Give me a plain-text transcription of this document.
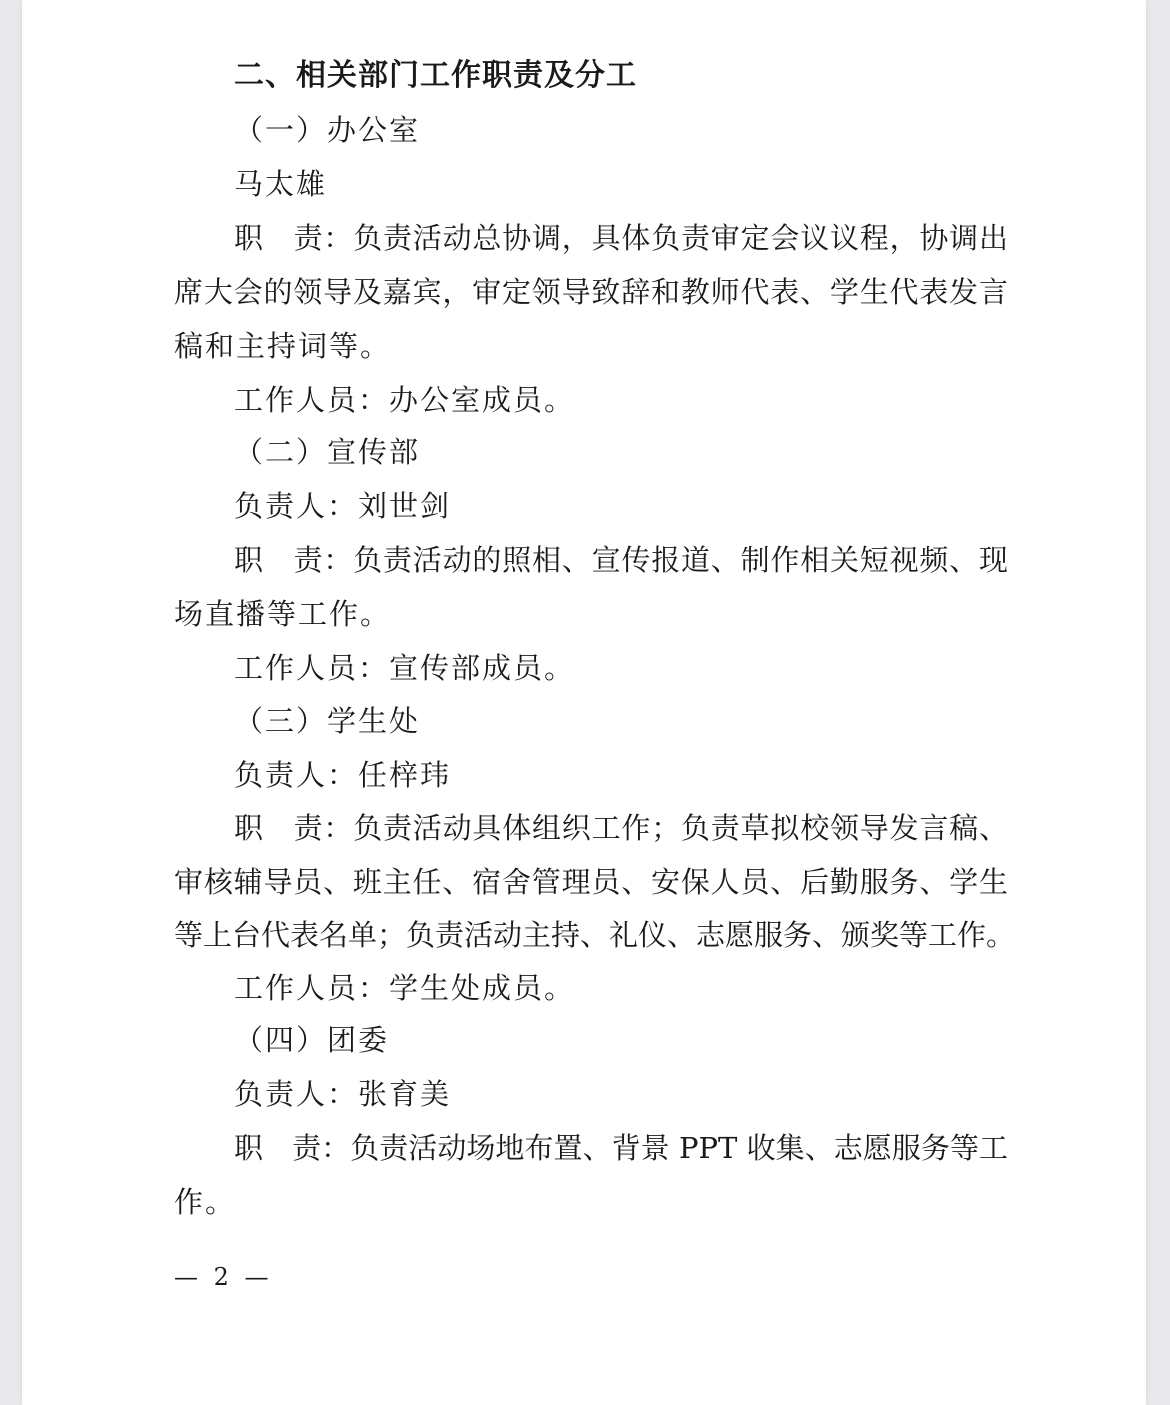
二、相关部门工作职责及分工
（一）办公室
马太雄
职　责：负责活动总协调，具体负责审定会议议程，协调出
席大会的领导及嘉宾，审定领导致辞和教师代表、学生代表发言
稿和主持词等。
工作人员：办公室成员。
（二）宣传部
负责人：刘世剑
职　责：负责活动的照相、宣传报道、制作相关短视频、现
场直播等工作。
工作人员：宣传部成员。
（三）学生处
负责人：任梓玮
职　责：负责活动具体组织工作；负责草拟校领导发言稿、
审核辅导员、班主任、宿舍管理员、安保人员、后勤服务、学生
等上台代表名单；负责活动主持、礼仪、志愿服务、颁奖等工作。
工作人员：学生处成员。
（四）团委
负责人：张育美
职　责：负责活动场地布置、背景 PPT 收集、志愿服务等工
作。
— 2 —
